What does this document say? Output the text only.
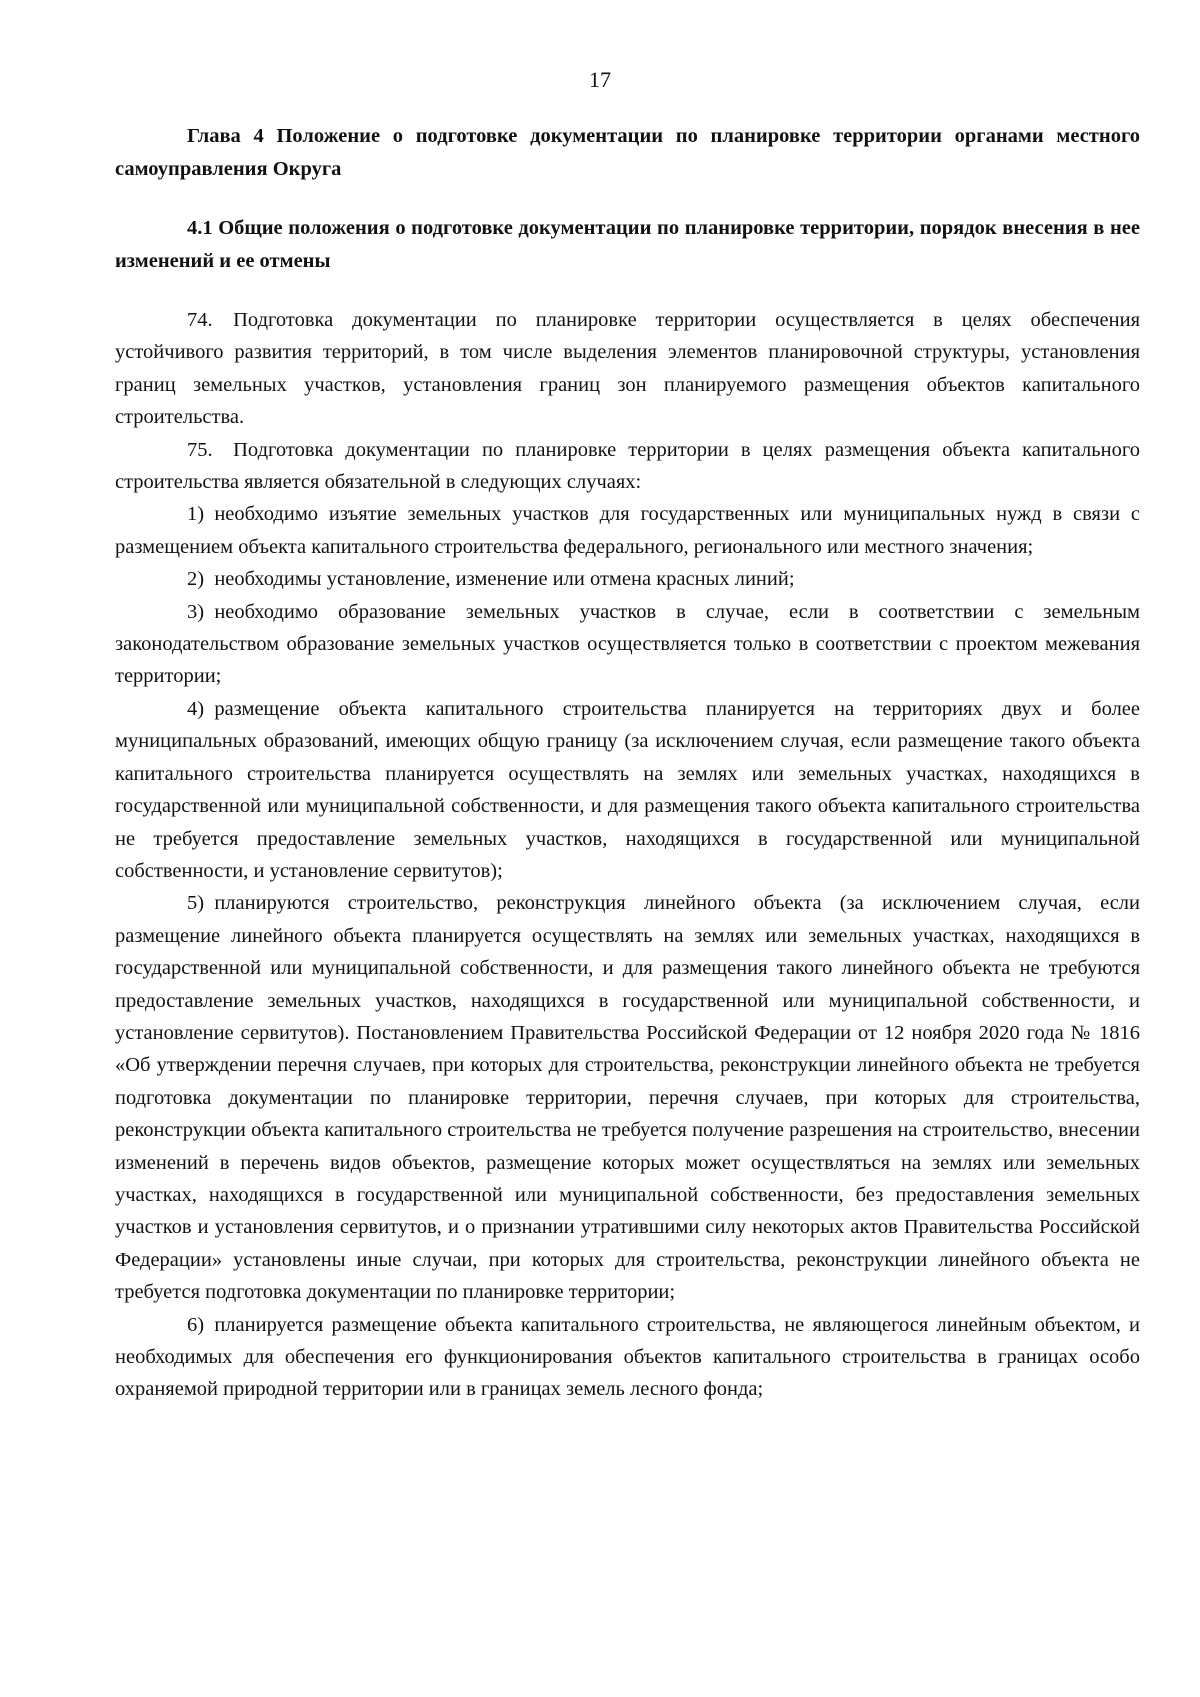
17

Глава 4 Положение о подготовке документации по планировке территории органами местного самоуправления Округа

4.1 Общие положения о подготовке документации по планировке территории, порядок внесения в нее изменений и ее отмены

74. Подготовка документации по планировке территории осуществляется в целях обеспечения устойчивого развития территорий, в том числе выделения элементов планировочной структуры, установления границ земельных участков, установления границ зон планируемого размещения объектов капитального строительства.

75. Подготовка документации по планировке территории в целях размещения объекта капитального строительства является обязательной в следующих случаях:

1) необходимо изъятие земельных участков для государственных или муниципальных нужд в связи с размещением объекта капитального строительства федерального, регионального или местного значения;

2) необходимы установление, изменение или отмена красных линий;

3) необходимо образование земельных участков в случае, если в соответствии с земельным законодательством образование земельных участков осуществляется только в соответствии с проектом межевания территории;

4) размещение объекта капитального строительства планируется на территориях двух и более муниципальных образований, имеющих общую границу (за исключением случая, если размещение такого объекта капитального строительства планируется осуществлять на землях или земельных участках, находящихся в государственной или муниципальной собственности, и для размещения такого объекта капитального строительства не требуется предоставление земельных участков, находящихся в государственной или муниципальной собственности, и установление сервитутов);

5) планируются строительство, реконструкция линейного объекта (за исключением случая, если размещение линейного объекта планируется осуществлять на землях или земельных участках, находящихся в государственной или муниципальной собственности, и для размещения такого линейного объекта не требуются предоставление земельных участков, находящихся в государственной или муниципальной собственности, и установление сервитутов). Постановлением Правительства Российской Федерации от 12 ноября 2020 года № 1816 «Об утверждении перечня случаев, при которых для строительства, реконструкции линейного объекта не требуется подготовка документации по планировке территории, перечня случаев, при которых для строительства, реконструкции объекта капитального строительства не требуется получение разрешения на строительство, внесении изменений в перечень видов объектов, размещение которых может осуществляться на землях или земельных участках, находящихся в государственной или муниципальной собственности, без предоставления земельных участков и установления сервитутов, и о признании утратившими силу некоторых актов Правительства Российской Федерации» установлены иные случаи, при которых для строительства, реконструкции линейного объекта не требуется подготовка документации по планировке территории;

6) планируется размещение объекта капитального строительства, не являющегося линейным объектом, и необходимых для обеспечения его функционирования объектов капитального строительства в границах особо охраняемой природной территории или в границах земель лесного фонда;
